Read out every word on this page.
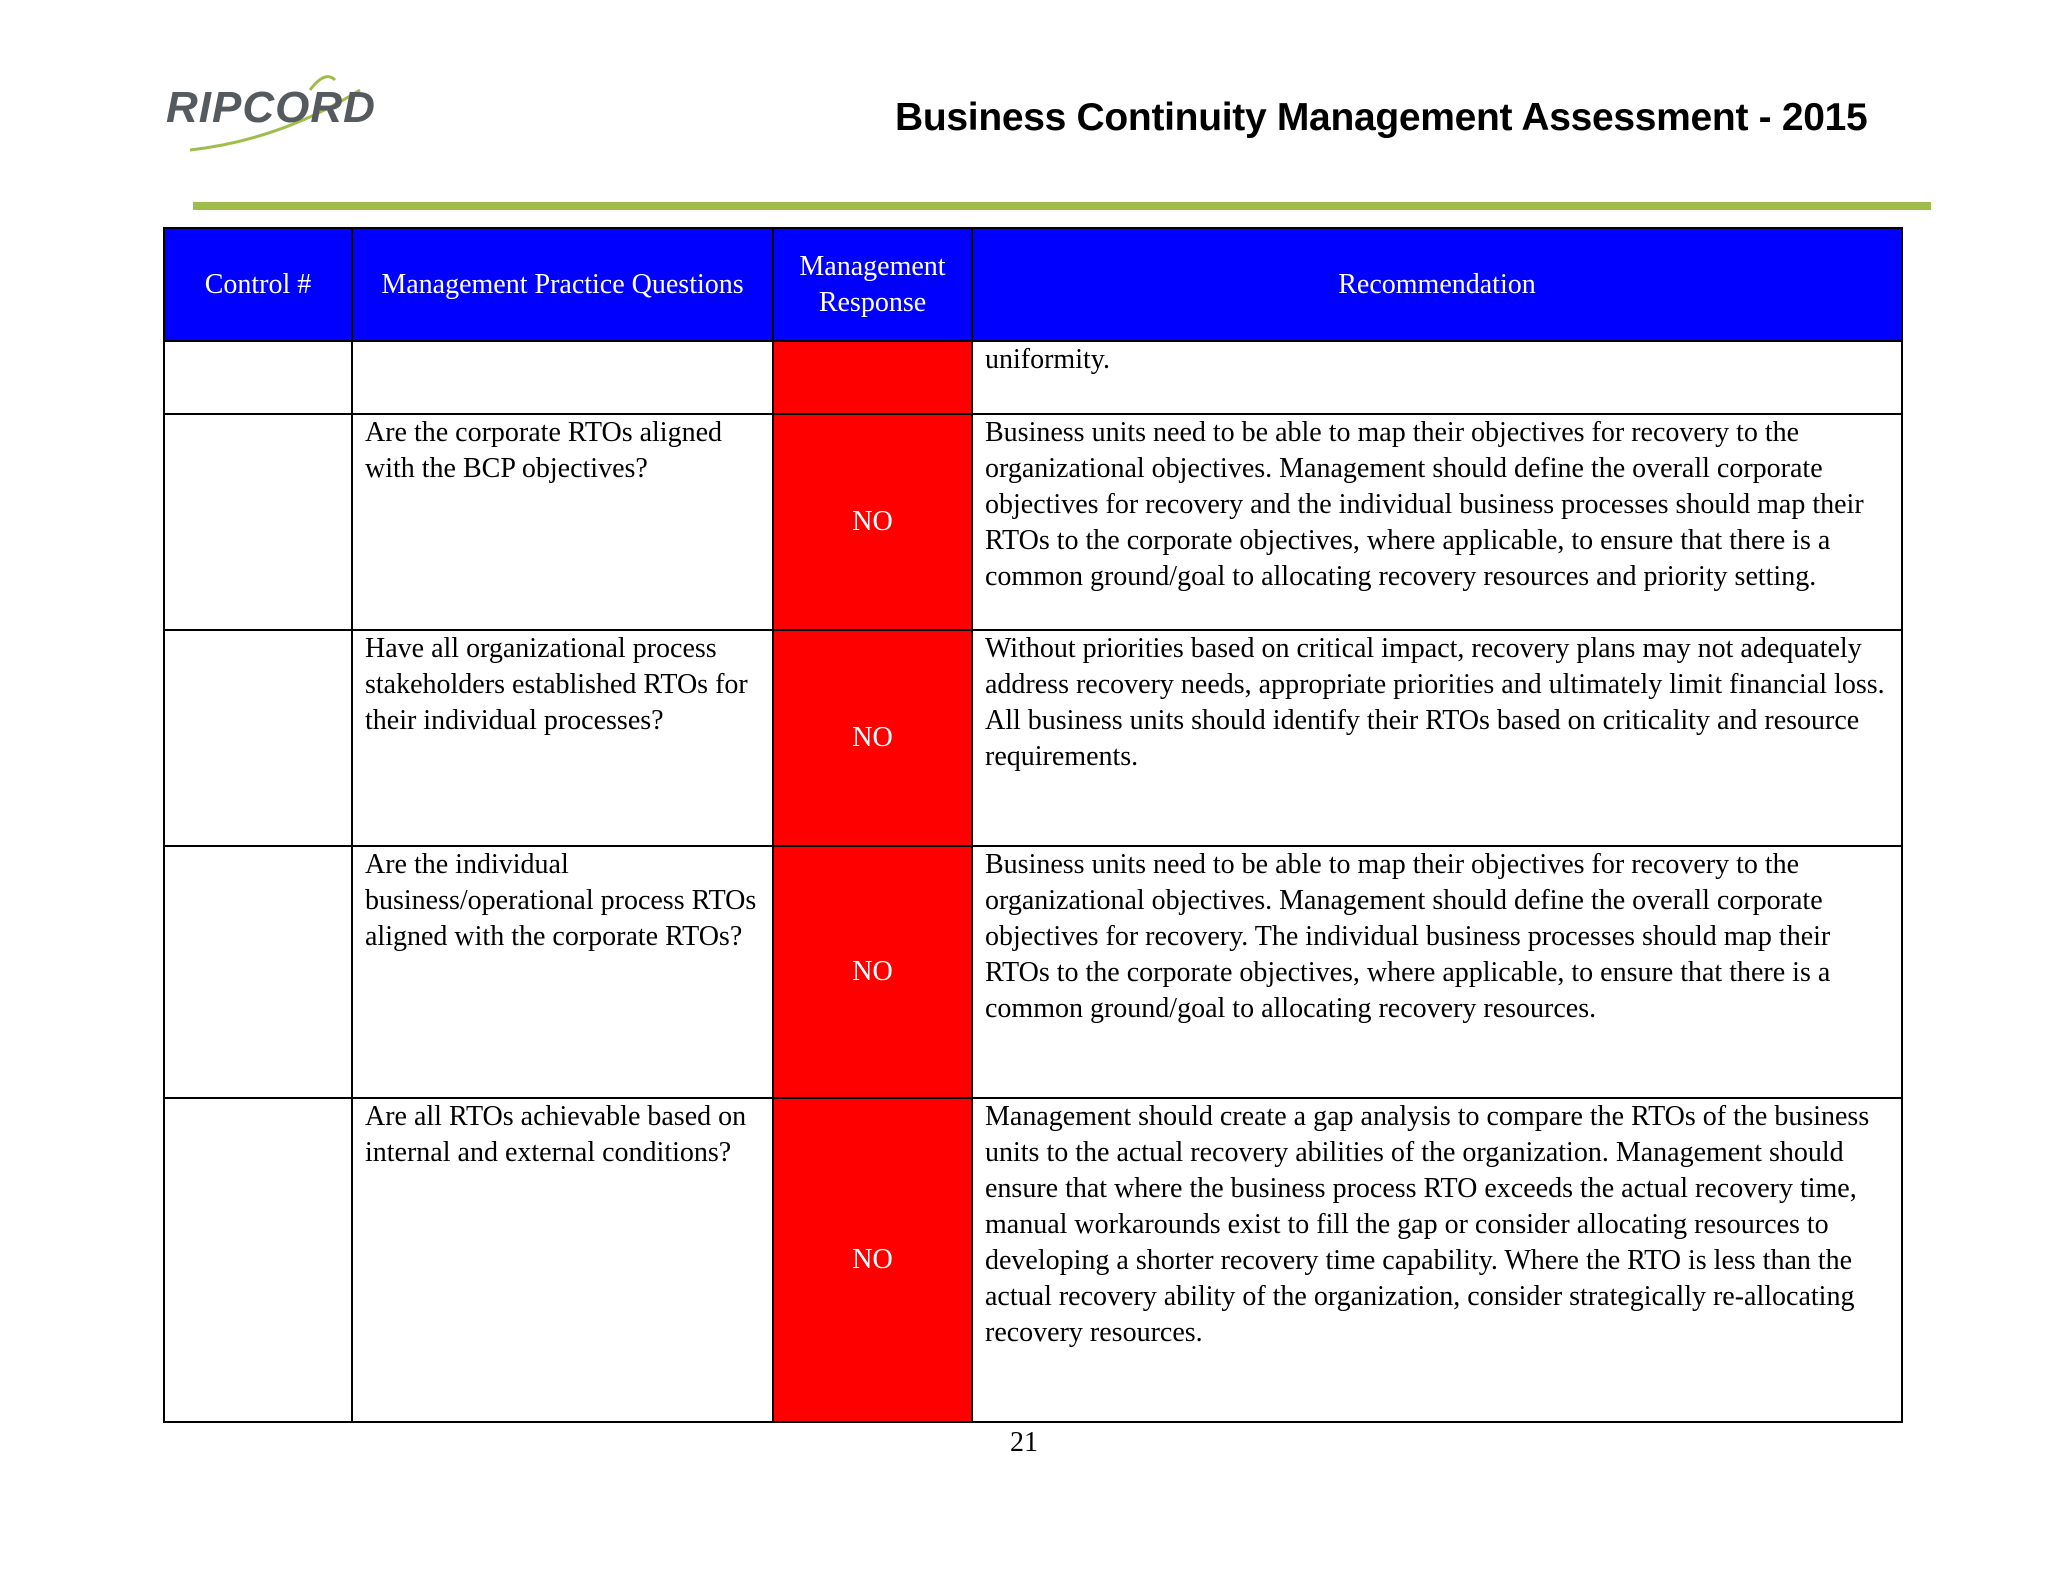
RIPCORD	Business Continuity Management Assessment - 2015
Control #	Management Practice Questions	Management Response	Recommendation
			uniformity.
	Are the corporate RTOs aligned with the BCP objectives?	NO	Business units need to be able to map their objectives for recovery to the organizational objectives. Management should define the overall corporate objectives for recovery and the individual business processes should map their RTOs to the corporate objectives, where applicable, to ensure that there is a common ground/goal to allocating recovery resources and priority setting.
	Have all organizational process stakeholders established RTOs for their individual processes?	NO	Without priorities based on critical impact, recovery plans may not adequately address recovery needs, appropriate priorities and ultimately limit financial loss. All business units should identify their RTOs based on criticality and resource requirements.
	Are the individual business/operational process RTOs aligned with the corporate RTOs?	NO	Business units need to be able to map their objectives for recovery to the organizational objectives. Management should define the overall corporate objectives for recovery. The individual business processes should map their RTOs to the corporate objectives, where applicable, to ensure that there is a common ground/goal to allocating recovery resources.
	Are all RTOs achievable based on internal and external conditions?	NO	Management should create a gap analysis to compare the RTOs of the business units to the actual recovery abilities of the organization. Management should ensure that where the business process RTO exceeds the actual recovery time, manual workarounds exist to fill the gap or consider allocating resources to developing a shorter recovery time capability. Where the RTO is less than the actual recovery ability of the organization, consider strategically re-allocating recovery resources.
21
